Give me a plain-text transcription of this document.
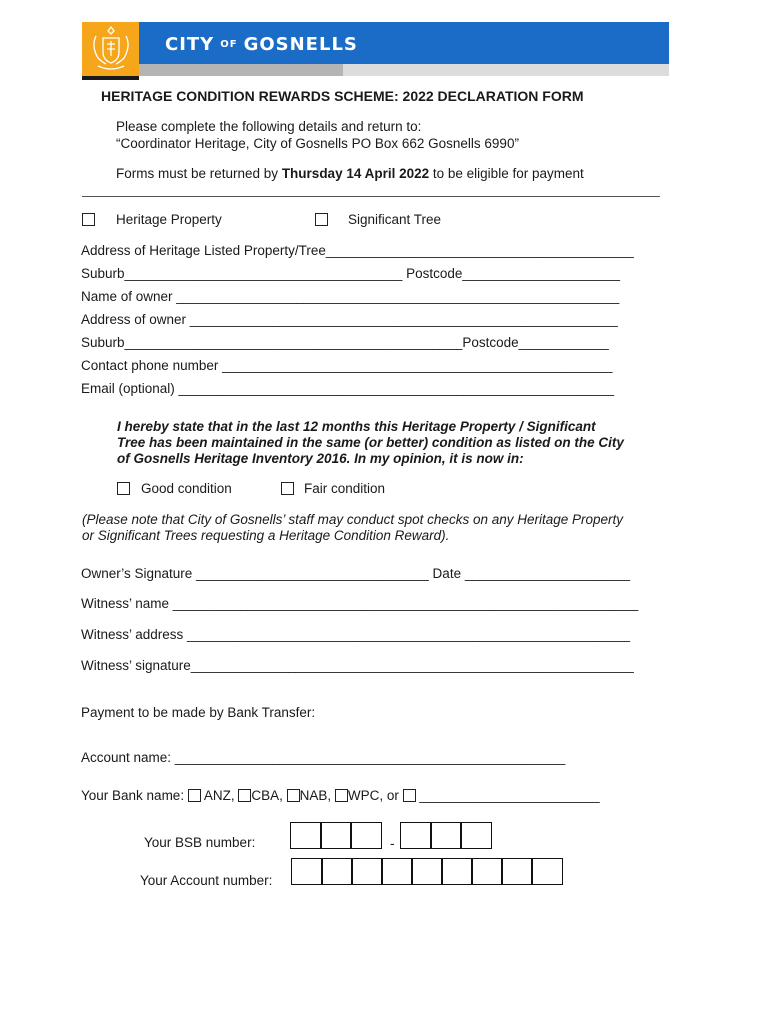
CITY OF GOSNELLS
HERITAGE CONDITION REWARDS SCHEME: 2022 DECLARATION FORM
Please complete the following details and return to:
“Coordinator Heritage, City of Gosnells PO Box 662 Gosnells 6990”
Forms must be returned by Thursday 14 April 2022 to be eligible for payment
Heritage Property	Significant Tree
Address of Heritage Listed Property/Tree_________________________________________
Suburb_____________________________________ Postcode_____________________
Name of owner ___________________________________________________________
Address of owner _________________________________________________________
Suburb_____________________________________________Postcode____________
Contact phone number ____________________________________________________
Email (optional) __________________________________________________________
I hereby state that in the last 12 months this Heritage Property / Significant
Tree has been maintained in the same (or better) condition as listed on the City
of Gosnells Heritage Inventory 2016. In my opinion, it is now in:
Good condition	Fair condition
(Please note that City of Gosnells’ staff may conduct spot checks on any Heritage Property
or Significant Trees requesting a Heritage Condition Reward).
Owner’s Signature _______________________________ Date ______________________
Witness’ name ______________________________________________________________
Witness’ address ___________________________________________________________
Witness’ signature___________________________________________________________
Payment to be made by Bank Transfer:
Account name: ____________________________________________________
Your Bank name:  ANZ, CBA, NAB, WPC, or  ________________________
Your BSB number:	-
Your Account number:
